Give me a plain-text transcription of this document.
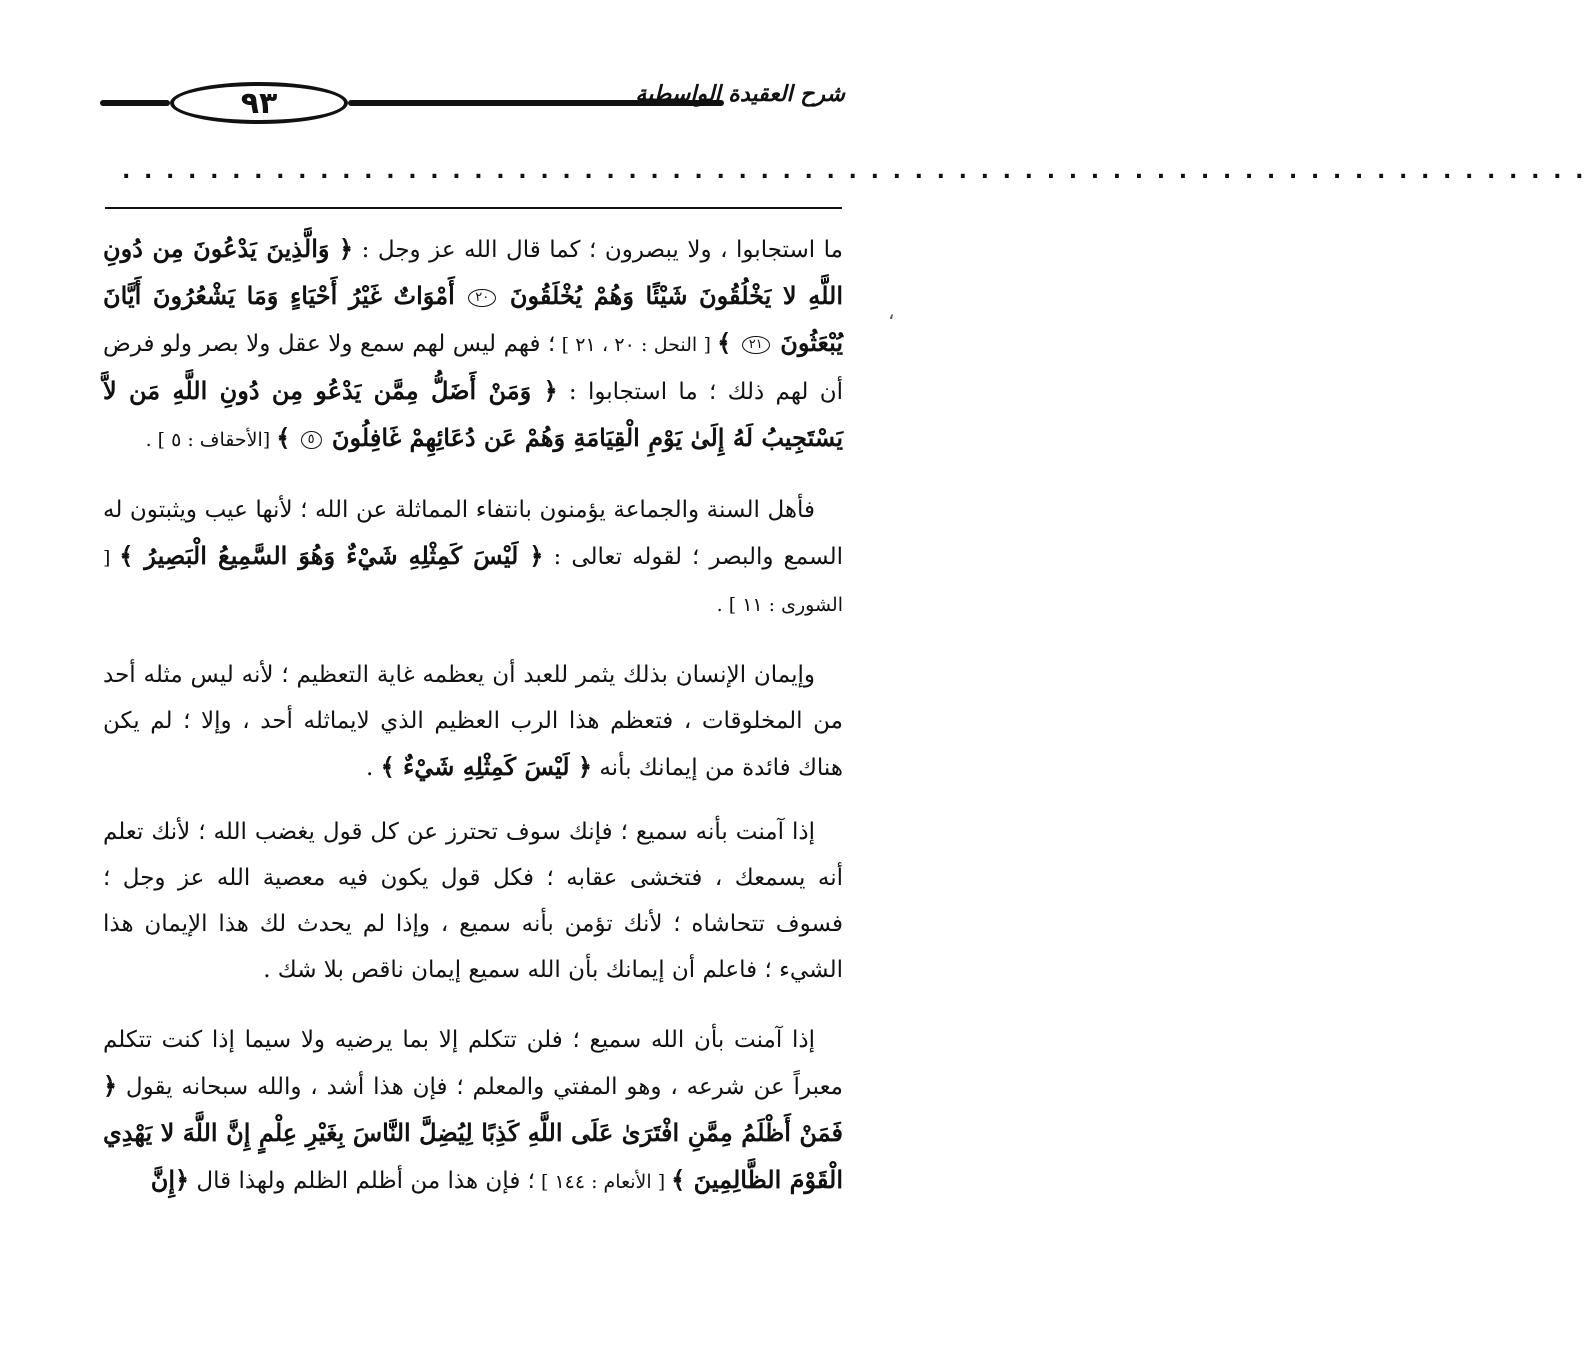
٩٣	شرح العقيدة الواسطية
. . . . . . . . . . . . . . . . . . . . . . . . . . . . . . . . . . . . . . . . . . . . . . . . . . . . . . . . . . . . . . . . . . .
،

ما استجابوا ، ولا يبصرون ؛ كما قال الله عز وجل : ﴿ وَالَّذِينَ يَدْعُونَ مِن دُونِ اللَّهِ لا يَخْلُقُونَ شَيْئًا وَهُمْ يُخْلَقُونَ ٢٠ أَمْوَاتٌ غَيْرُ أَحْيَاءٍ وَمَا يَشْعُرُونَ أَيَّانَ يُبْعَثُونَ ٢١ ﴾ [ النحل : ٢٠ ، ٢١ ] ؛ فهم ليس لهم سمع ولا عقل ولا بصر ولو فرض أن لهم ذلك ؛ ما استجابوا : ﴿ وَمَنْ أَضَلُّ مِمَّن يَدْعُو مِن دُونِ اللَّهِ مَن لاَّ يَسْتَجِيبُ لَهُ إِلَىٰ يَوْمِ الْقِيَامَةِ وَهُمْ عَن دُعَائِهِمْ غَافِلُونَ ٥ ﴾ [الأحقاف : ٥ ] .

فأهل السنة والجماعة يؤمنون بانتفاء المماثلة عن الله ؛ لأنها عيب ويثبتون له السمع والبصر ؛ لقوله تعالى : ﴿ لَيْسَ كَمِثْلِهِ شَيْءٌ وَهُوَ السَّمِيعُ الْبَصِيرُ ﴾ [ الشورى : ١١ ] .

وإيمان الإنسان بذلك يثمر للعبد أن يعظمه غاية التعظيم ؛ لأنه ليس مثله أحد من المخلوقات ، فتعظم هذا الرب العظيم الذي لايماثله أحد ، وإلا ؛ لم يكن هناك فائدة من إيمانك بأنه ﴿ لَيْسَ كَمِثْلِهِ شَيْءٌ ﴾ .

إذا آمنت بأنه سميع ؛ فإنك سوف تحترز عن كل قول يغضب الله ؛ لأنك تعلم أنه يسمعك ، فتخشى عقابه ؛ فكل قول يكون فيه معصية الله عز وجل ؛ فسوف تتحاشاه ؛ لأنك تؤمن بأنه سميع ، وإذا لم يحدث لك هذا الإيمان هذا الشيء ؛ فاعلم أن إيمانك بأن الله سميع إيمان ناقص بلا شك .

إذا آمنت بأن الله سميع ؛ فلن تتكلم إلا بما يرضيه ولا سيما إذا كنت تتكلم معبراً عن شرعه ، وهو المفتي والمعلم ؛ فإن هذا أشد ، والله سبحانه يقول ﴿ فَمَنْ أَظْلَمُ مِمَّنِ افْتَرَىٰ عَلَى اللَّهِ كَذِبًا لِيُضِلَّ النَّاسَ بِغَيْرِ عِلْمٍ إِنَّ اللَّهَ لا يَهْدِي الْقَوْمَ الظَّالِمِينَ ﴾ [ الأنعام : ١٤٤ ] ؛ فإن هذا من أظلم الظلم ولهذا قال ﴿إِنَّ
